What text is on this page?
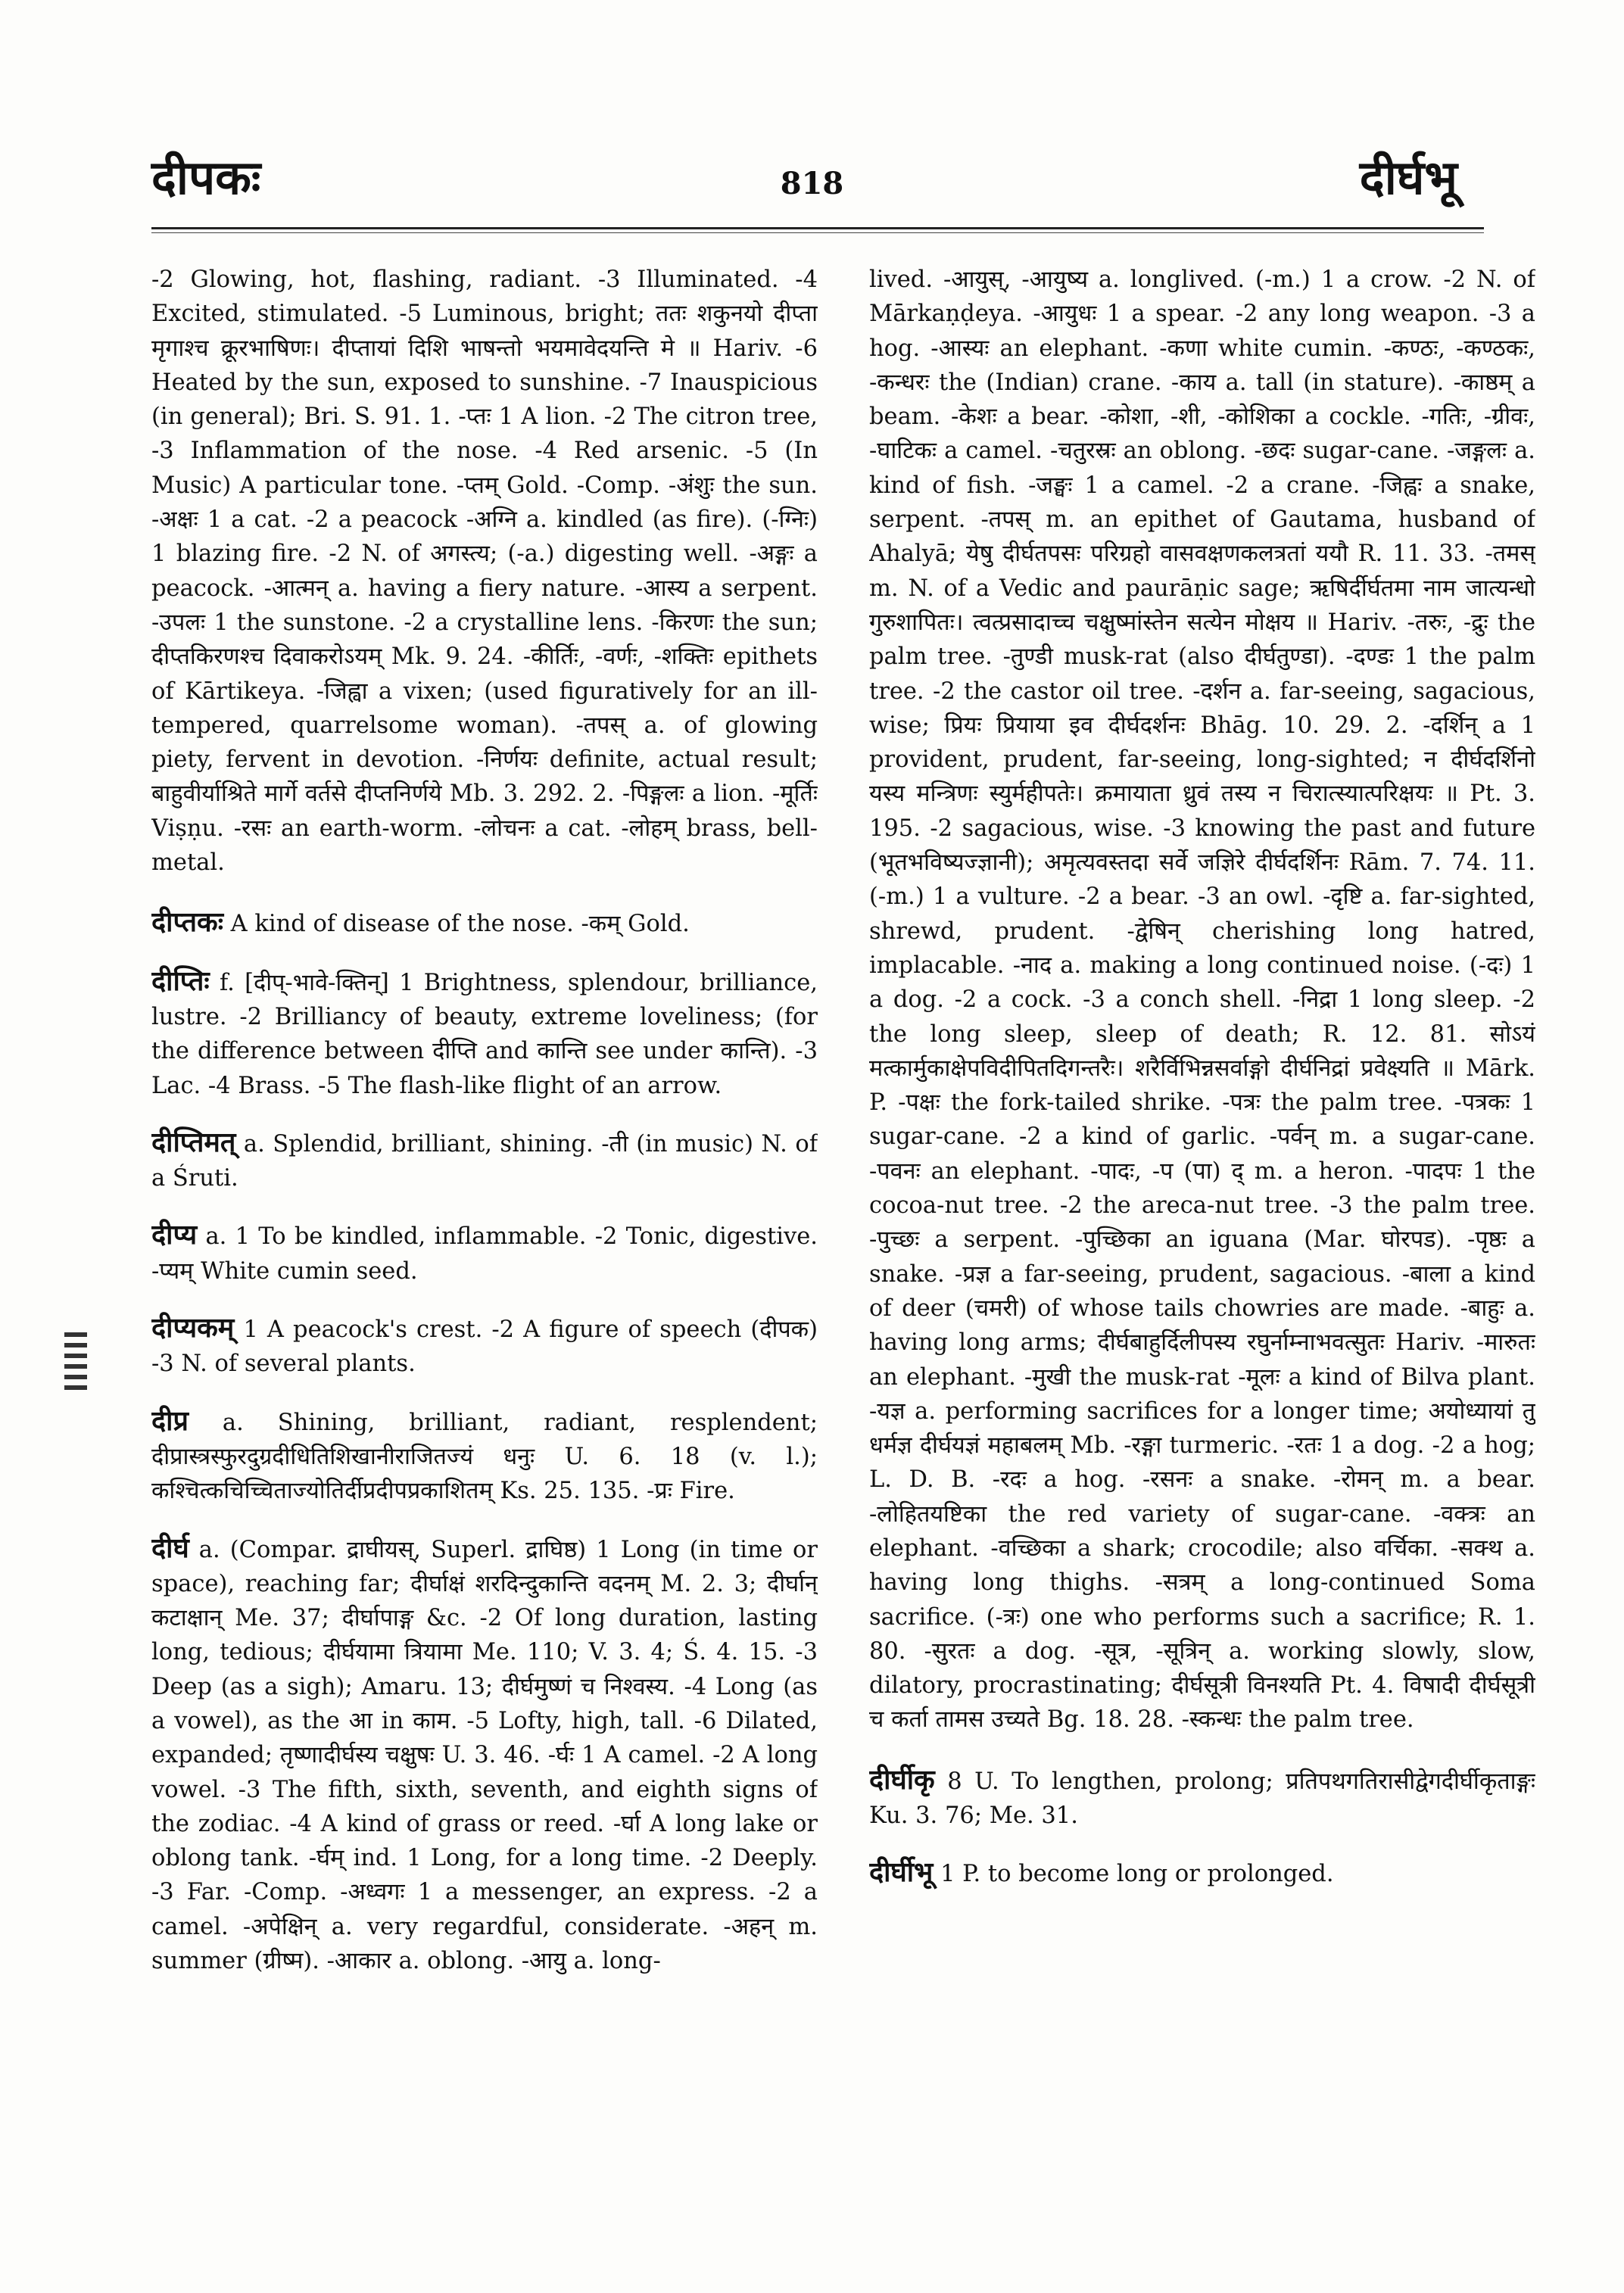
दीपकः	818	दीर्घभू

-2 Glowing, hot, flashing, radiant. -3 Illuminated. -4 Excited, stimulated. -5 Luminous, bright; ततः शकुनयो दीप्ता मृगाश्च क्रूरभाषिणः। दीप्तायां दिशि भाषन्तो भयमावेदयन्ति मे ॥ Hariv. -6 Heated by the sun, exposed to sunshine. -7 Inauspicious (in general); Bri. S. 91. 1. -प्तः 1 A lion. -2 The citron tree, -3 Inflammation of the nose. -4 Red arsenic. -5 (In Music) A particular tone. -प्तम् Gold. -Comp. -अंशुः the sun. -अक्षः 1 a cat. -2 a peacock -अग्नि a. kindled (as fire). (-ग्निः) 1 blazing fire. -2 N. of अगस्त्य; (-a.) digesting well. -अङ्गः a peacock. -आत्मन् a. having a fiery nature. -आस्य a serpent. -उपलः 1 the sunstone. -2 a crystalline lens. -किरणः the sun; दीप्तकिरणश्च दिवाकरोऽयम् Mk. 9. 24. -कीर्तिः, -वर्णः, -शक्तिः epithets of Kārtikeya. -जिह्वा a vixen; (used figuratively for an ill-tempered, quarrelsome woman). -तपस् a. of glowing piety, fervent in devotion. -निर्णयः definite, actual result; बाहुवीर्याश्रिते मार्गे वर्तसे दीप्तनिर्णये Mb. 3. 292. 2. -पिङ्गलः a lion. -मूर्तिः Viṣṇu. -रसः an earth-worm. -लोचनः a cat. -लोहम् brass, bell-metal.

दीप्तकः A kind of disease of the nose. -कम् Gold.

दीप्तिः f. [दीप्-भावे-क्तिन्] 1 Brightness, splendour, brilliance, lustre. -2 Brilliancy of beauty, extreme loveliness; (for the difference between दीप्ति and कान्ति see under कान्ति). -3 Lac. -4 Brass. -5 The flash-like flight of an arrow.

दीप्तिमत् a. Splendid, brilliant, shining. -ती (in music) N. of a Śruti.

दीप्य a. 1 To be kindled, inflammable. -2 Tonic, digestive. -प्यम् White cumin seed.

दीप्यकम् 1 A peacock's crest. -2 A figure of speech (दीपक) -3 N. of several plants.

दीप्र a. Shining, brilliant, radiant, resplendent; दीप्रास्त्रस्फुरदुग्रदीधितिशिखानीराजितज्यं धनुः U. 6. 18 (v. l.); कश्चित्कचिच्चिताज्योतिर्दीप्रदीपप्रकाशितम् Ks. 25. 135. -प्रः Fire.

दीर्घ a. (Compar. द्राघीयस्, Superl. द्राघिष्ठ) 1 Long (in time or space), reaching far; दीर्घाक्षं शरदिन्दुकान्ति वदनम् M. 2. 3; दीर्घान् कटाक्षान् Me. 37; दीर्घापाङ्ग &c. -2 Of long duration, lasting long, tedious; दीर्घयामा त्रियामा Me. 110; V. 3. 4; Ś. 4. 15. -3 Deep (as a sigh); Amaru. 13; दीर्घमुष्णं च निश्वस्य. -4 Long (as a vowel), as the आ in काम. -5 Lofty, high, tall. -6 Dilated, expanded; तृष्णादीर्घस्य चक्षुषः U. 3. 46. -र्घः 1 A camel. -2 A long vowel. -3 The fifth, sixth, seventh, and eighth signs of the zodiac. -4 A kind of grass or reed. -र्घा A long lake or oblong tank. -र्घम् ind. 1 Long, for a long time. -2 Deeply. -3 Far. -Comp. -अध्वगः 1 a messenger, an express. -2 a camel. -अपेक्षिन् a. very regardful, considerate. -अहन् m. summer (ग्रीष्म). -आकार a. oblong. -आयु a. long-

lived. -आयुस्, -आयुष्य a. longlived. (-m.) 1 a crow. -2 N. of Mārkaṇḍeya. -आयुधः 1 a spear. -2 any long weapon. -3 a hog. -आस्यः an elephant. -कणा white cumin. -कण्ठः, -कण्ठकः, -कन्धरः the (Indian) crane. -काय a. tall (in stature). -काष्ठम् a beam. -केशः a bear. -कोशा, -शी, -कोशिका a cockle. -गतिः, -ग्रीवः, -घाटिकः a camel. -चतुरस्रः an oblong. -छदः sugar-cane. -जङ्गलः a. kind of fish. -जङ्घः 1 a camel. -2 a crane. -जिह्वः a snake, serpent. -तपस् m. an epithet of Gautama, husband of Ahalyā; येषु दीर्घतपसः परिग्रहो वासवक्षणकलत्रतां ययौ R. 11. 33. -तमस् m. N. of a Vedic and paurāṇic sage; ऋषिर्दीर्घतमा नाम जात्यन्धो गुरुशापितः। त्वत्प्रसादाच्च चक्षुष्मांस्तेन सत्येन मोक्षय ॥ Hariv. -तरुः, -द्रुः the palm tree. -तुण्डी musk-rat (also दीर्घतुण्डा). -दण्डः 1 the palm tree. -2 the castor oil tree. -दर्शन a. far-seeing, sagacious, wise; प्रियः प्रियाया इव दीर्घदर्शनः Bhāg. 10. 29. 2. -दर्शिन् a 1 provident, prudent, far-seeing, long-sighted; न दीर्घदर्शिनो यस्य मन्त्रिणः स्युर्महीपतेः। क्रमायाता ध्रुवं तस्य न चिरात्स्यात्परिक्षयः ॥ Pt. 3. 195. -2 sagacious, wise. -3 knowing the past and future (भूतभविष्यज्ज्ञानी); अमृत्यवस्तदा सर्वे जज्ञिरे दीर्घदर्शिनः Rām. 7. 74. 11. (-m.) 1 a vulture. -2 a bear. -3 an owl. -दृष्टि a. far-sighted, shrewd, prudent. -द्वेषिन् cherishing long hatred, implacable. -नाद a. making a long continued noise. (-दः) 1 a dog. -2 a cock. -3 a conch shell. -निद्रा 1 long sleep. -2 the long sleep, sleep of death; R. 12. 81. सोऽयं मत्कार्मुकाक्षेपविदीपितदिगन्तरैः। शरैर्विभिन्नसर्वाङ्गो दीर्घनिद्रां प्रवेक्ष्यति ॥ Mārk. P. -पक्षः the fork-tailed shrike. -पत्रः the palm tree. -पत्रकः 1 sugar-cane. -2 a kind of garlic. -पर्वन् m. a sugar-cane. -पवनः an elephant. -पादः, -प (पा) द् m. a heron. -पादपः 1 the cocoa-nut tree. -2 the areca-nut tree. -3 the palm tree. -पुच्छः a serpent. -पुच्छिका an iguana (Mar. घोरपड). -पृष्ठः a snake. -प्रज्ञ a far-seeing, prudent, sagacious. -बाला a kind of deer (चमरी) of whose tails chowries are made. -बाहुः a. having long arms; दीर्घबाहुर्दिलीपस्य रघुर्नाम्नाभवत्सुतः Hariv. -मारुतः an elephant. -मुखी the musk-rat -मूलः a kind of Bilva plant. -यज्ञ a. performing sacrifices for a longer time; अयोध्यायां तु धर्मज्ञ दीर्घयज्ञं महाबलम् Mb. -रङ्गा turmeric. -रतः 1 a dog. -2 a hog; L. D. B. -रदः a hog. -रसनः a snake. -रोमन् m. a bear. -लोहितयष्टिका the red variety of sugar-cane. -वक्त्रः an elephant. -वच्छिका a shark; crocodile; also वर्चिका. -सक्थ a. having long thighs. -सत्रम् a long-continued Soma sacrifice. (-त्रः) one who performs such a sacrifice; R. 1. 80. -सुरतः a dog. -सूत्र, -सूत्रिन् a. working slowly, slow, dilatory, procrastinating; दीर्घसूत्री विनश्यति Pt. 4. विषादी दीर्घसूत्री च कर्ता तामस उच्यते Bg. 18. 28. -स्कन्धः the palm tree.

दीर्घीकृ 8 U. To lengthen, prolong; प्रतिपथगतिरासीद्वेगदीर्घीकृताङ्गः Ku. 3. 76; Me. 31.

दीर्घीभू 1 P. to become long or prolonged.
